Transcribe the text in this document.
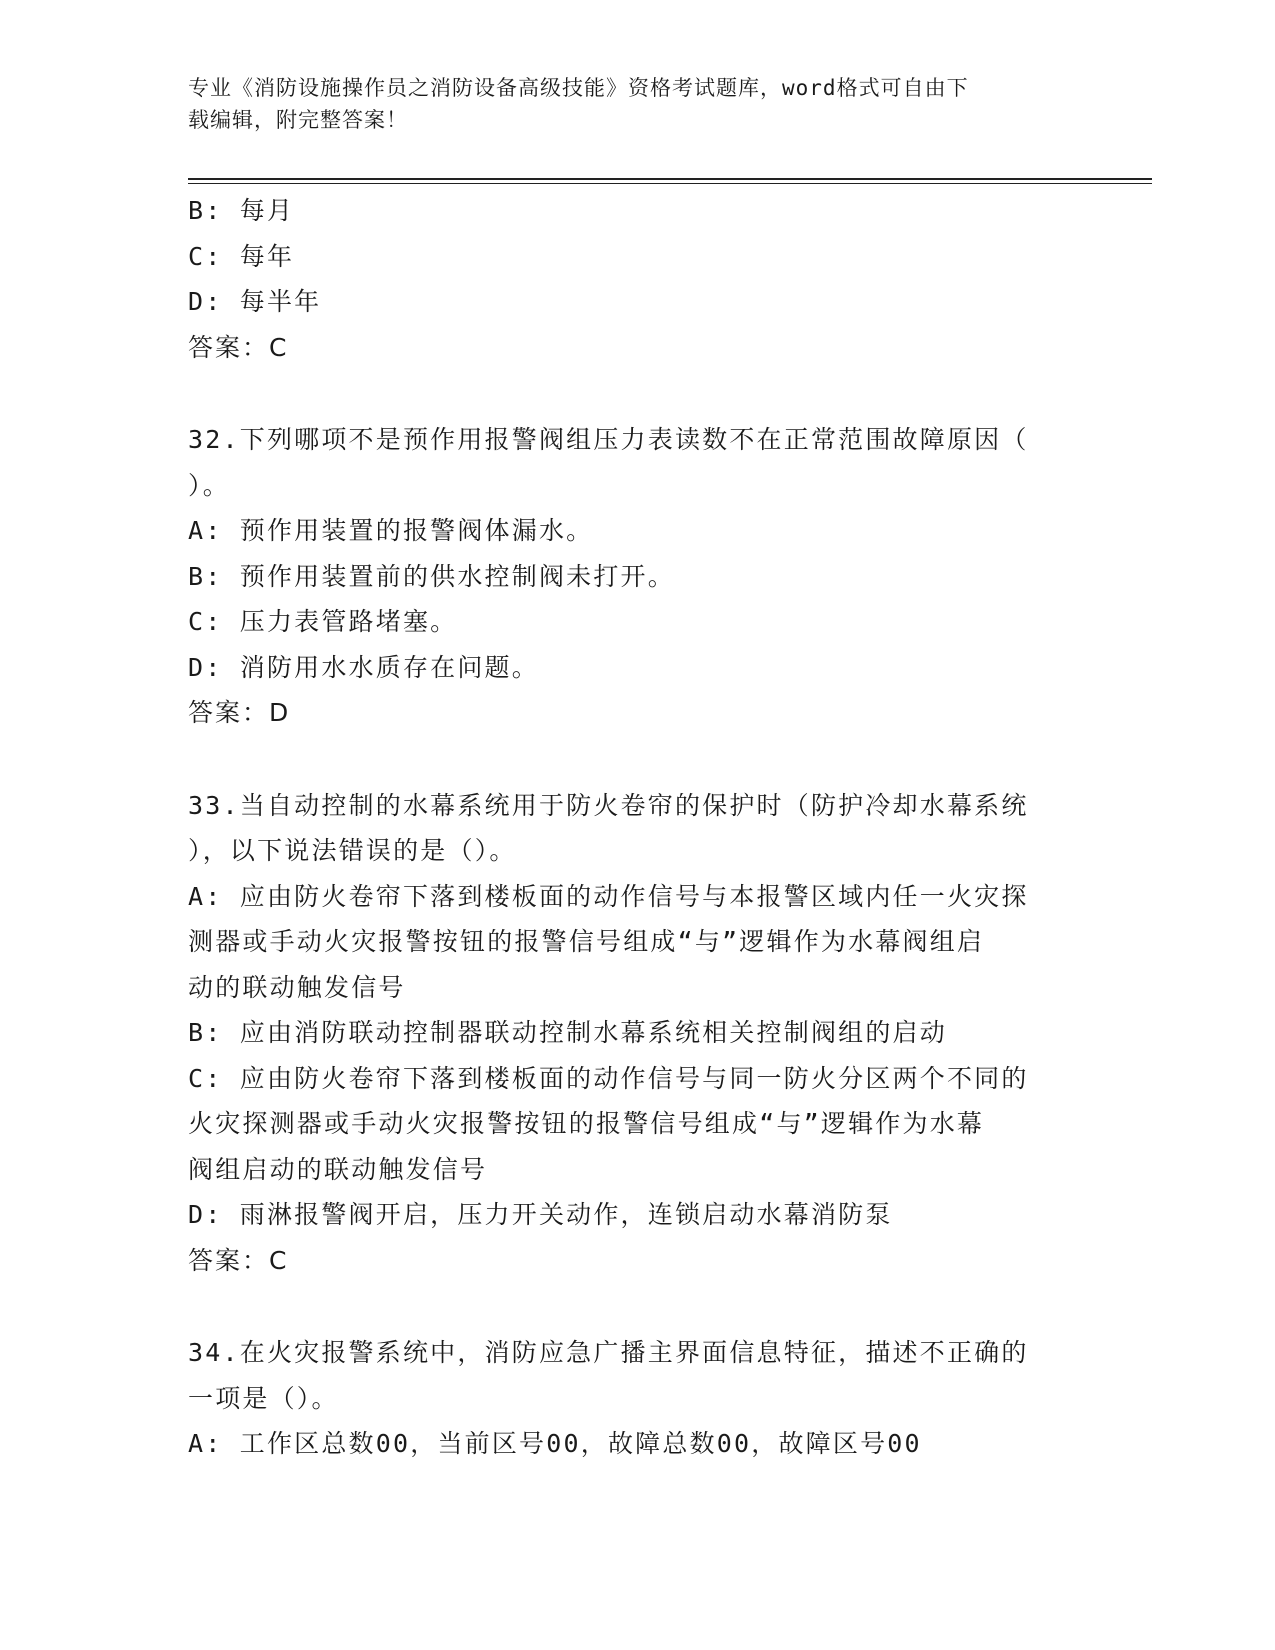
专业《消防设施操作员之消防设备高级技能》资格考试题库，word格式可自由下
载编辑，附完整答案！

B: 每月

C: 每年

D: 每半年

答案：C

32.下列哪项不是预作用报警阀组压力表读数不在正常范围故障原因（

）。

A: 预作用装置的报警阀体漏水。

B: 预作用装置前的供水控制阀未打开。

C: 压力表管路堵塞。

D: 消防用水水质存在问题。

答案：D

33.当自动控制的水幕系统用于防火卷帘的保护时（防护冷却水幕系统

），以下说法错误的是（）。

A: 应由防火卷帘下落到楼板面的动作信号与本报警区域内任一火灾探

测器或手动火灾报警按钮的报警信号组成“与”逻辑作为水幕阀组启

动的联动触发信号

B: 应由消防联动控制器联动控制水幕系统相关控制阀组的启动

C: 应由防火卷帘下落到楼板面的动作信号与同一防火分区两个不同的

火灾探测器或手动火灾报警按钮的报警信号组成“与”逻辑作为水幕

阀组启动的联动触发信号

D: 雨淋报警阀开启，压力开关动作，连锁启动水幕消防泵

答案：C

34.在火灾报警系统中，消防应急广播主界面信息特征，描述不正确的

一项是（）。

A: 工作区总数00，当前区号00，故障总数00，故障区号00
